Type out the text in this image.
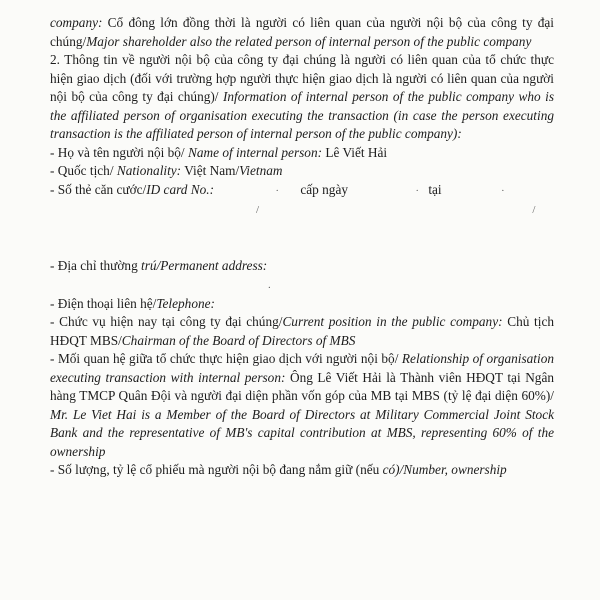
company: Cổ đông lớn đồng thời là người có liên quan của người nội bộ của công ty đại chúng/Major shareholder also the related person of internal person of the public company

2. Thông tin về người nội bộ của công ty đại chúng là người có liên quan của tổ chức thực hiện giao dịch (đối với trường hợp người thực hiện giao dịch là người có liên quan của người nội bộ của công ty đại chúng)/ Information of internal person of the public company who is the affiliated person of organisation executing the transaction (in case the person executing transaction is the affiliated person of internal person of the public company):

- Họ và tên người nội bộ/ Name of internal person: Lê Viết Hải

- Quốc tịch/ Nationality: Việt Nam/Vietnam

- Số thẻ căn cước/ID card No.:	· cấp ngày	· tại	·

/	/

- Địa chỉ thường trú/Permanent address:

.

- Điện thoại liên hệ/Telephone:

- Chức vụ hiện nay tại công ty đại chúng/Current position in the public company: Chủ tịch HĐQT MBS/Chairman of the Board of Directors of MBS

- Mối quan hệ giữa tổ chức thực hiện giao dịch với người nội bộ/ Relationship of organisation executing transaction with internal person: Ông Lê Viết Hải là Thành viên HĐQT tại Ngân hàng TMCP Quân Đội và người đại diện phần vốn góp của MB tại MBS (tỷ lệ đại diện 60%)/ Mr. Le Viet Hai is a Member of the Board of Directors at Military Commercial Joint Stock Bank and the representative of MB's capital contribution at MBS, representing 60% of the ownership

- Số lượng, tỷ lệ cổ phiếu mà người nội bộ đang nắm giữ (nếu có)/Number, ownership
